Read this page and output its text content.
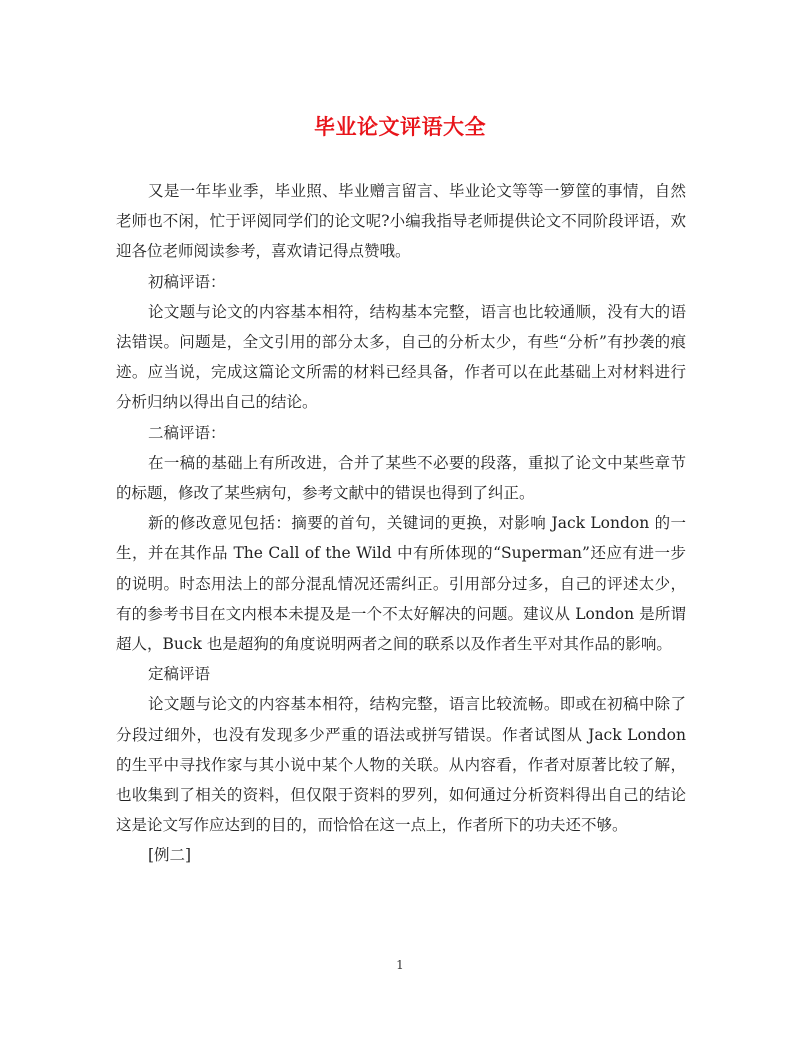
毕业论文评语大全

又是一年毕业季，毕业照、毕业赠言留言、毕业论文等等一箩筐的事情，自然老师也不闲，忙于评阅同学们的论文呢?小编我指导老师提供论文不同阶段评语，欢迎各位老师阅读参考，喜欢请记得点赞哦。

初稿评语：

论文题与论文的内容基本相符，结构基本完整，语言也比较通顺，没有大的语法错误。问题是，全文引用的部分太多，自己的分析太少，有些“分析”有抄袭的痕迹。应当说，完成这篇论文所需的材料已经具备，作者可以在此基础上对材料进行分析归纳以得出自己的结论。

二稿评语：

在一稿的基础上有所改进，合并了某些不必要的段落，重拟了论文中某些章节的标题，修改了某些病句，参考文献中的错误也得到了纠正。

新的修改意见包括：摘要的首句，关键词的更换，对影响 Jack London 的一生，并在其作品 The Call of the Wild 中有所体现的“Superman”还应有进一步的说明。时态用法上的部分混乱情况还需纠正。引用部分过多，自己的评述太少，有的参考书目在文内根本未提及是一个不太好解决的问题。建议从 London 是所谓超人，Buck 也是超狗的角度说明两者之间的联系以及作者生平对其作品的影响。

定稿评语

论文题与论文的内容基本相符，结构完整，语言比较流畅。即或在初稿中除了分段过细外，也没有发现多少严重的语法或拼写错误。作者试图从 Jack London 的生平中寻找作家与其小说中某个人物的关联。从内容看，作者对原著比较了解，也收集到了相关的资料，但仅限于资料的罗列，如何通过分析资料得出自己的结论这是论文写作应达到的目的，而恰恰在这一点上，作者所下的功夫还不够。

[例二]

1
